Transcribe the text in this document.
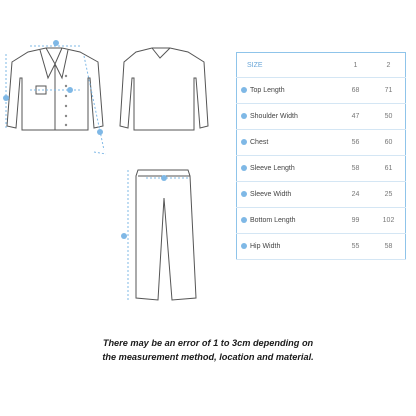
SIZE	1	2
Top Length	68	71
Shoulder Width	47	50
Chest	56	60
Sleeve Length	58	61
Sleeve Width	24	25
Bottom Length	99	102
Hip Width	55	58
There may be an error of 1 to 3cm depending on
the measurement method, location and material.
